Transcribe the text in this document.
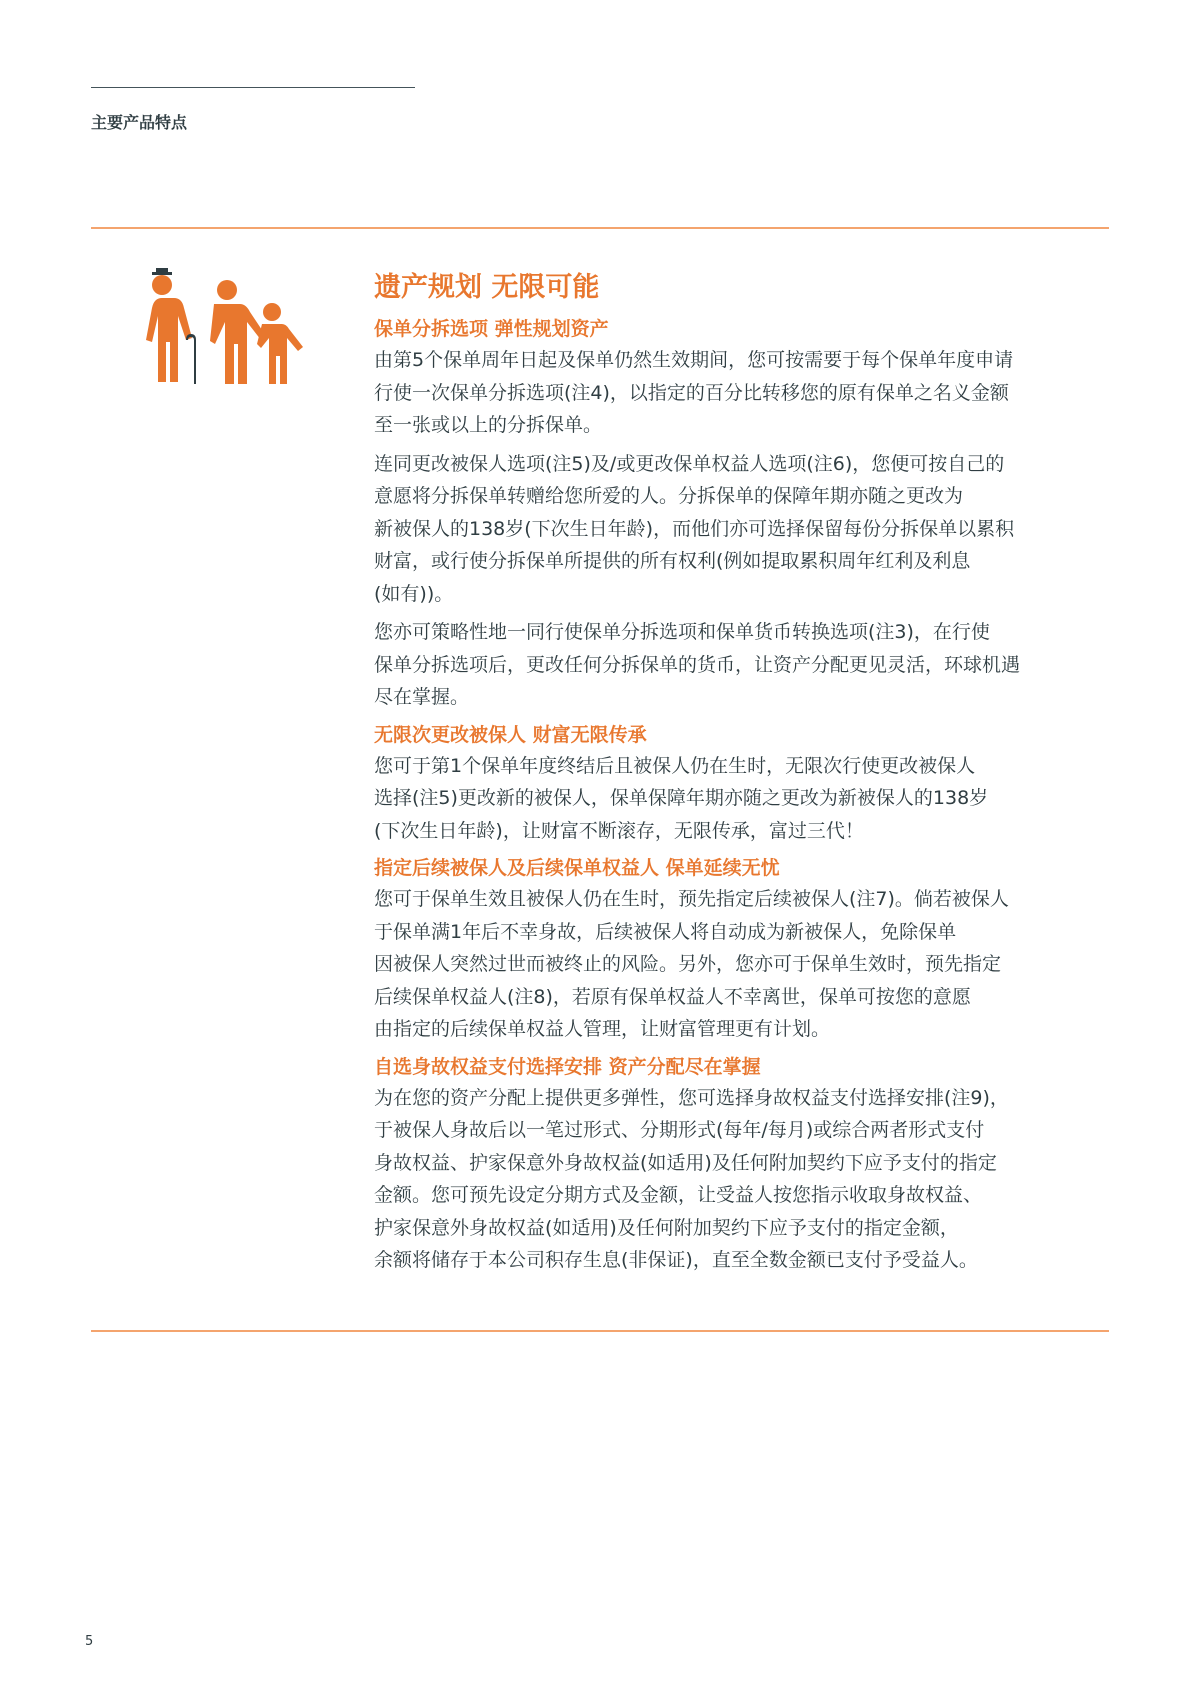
主要产品特点
遗产规划 无限可能
保单分拆选项 弹性规划资产
由第5个保单周年日起及保单仍然生效期间，您可按需要于每个保单年度申请
行使一次保单分拆选项(注4)，以指定的百分比转移您的原有保单之名义金额
至一张或以上的分拆保单。
连同更改被保人选项(注5)及/或更改保单权益人选项(注6)，您便可按自己的
意愿将分拆保单转赠给您所爱的人。分拆保单的保障年期亦随之更改为
新被保人的138岁(下次生日年龄)，而他们亦可选择保留每份分拆保单以累积
财富，或行使分拆保单所提供的所有权利(例如提取累积周年红利及利息
(如有))。
您亦可策略性地一同行使保单分拆选项和保单货币转换选项(注3)，在行使
保单分拆选项后，更改任何分拆保单的货币，让资产分配更见灵活，环球机遇
尽在掌握。
无限次更改被保人 财富无限传承
您可于第1个保单年度终结后且被保人仍在生时，无限次行使更改被保人
选择(注5)更改新的被保人，保单保障年期亦随之更改为新被保人的138岁
(下次生日年龄)，让财富不断滚存，无限传承，富过三代！
指定后续被保人及后续保单权益人 保单延续无忧
您可于保单生效且被保人仍在生时，预先指定后续被保人(注7)。倘若被保人
于保单满1年后不幸身故，后续被保人将自动成为新被保人，免除保单
因被保人突然过世而被终止的风险。另外，您亦可于保单生效时，预先指定
后续保单权益人(注8)，若原有保单权益人不幸离世，保单可按您的意愿
由指定的后续保单权益人管理，让财富管理更有计划。
自选身故权益支付选择安排 资产分配尽在掌握
为在您的资产分配上提供更多弹性，您可选择身故权益支付选择安排(注9)，
于被保人身故后以一笔过形式、分期形式(每年/每月)或综合两者形式支付
身故权益、护家保意外身故权益(如适用)及任何附加契约下应予支付的指定
金额。您可预先设定分期方式及金额，让受益人按您指示收取身故权益、
护家保意外身故权益(如适用)及任何附加契约下应予支付的指定金额，
余额将储存于本公司积存生息(非保证)，直至全数金额已支付予受益人。
5
